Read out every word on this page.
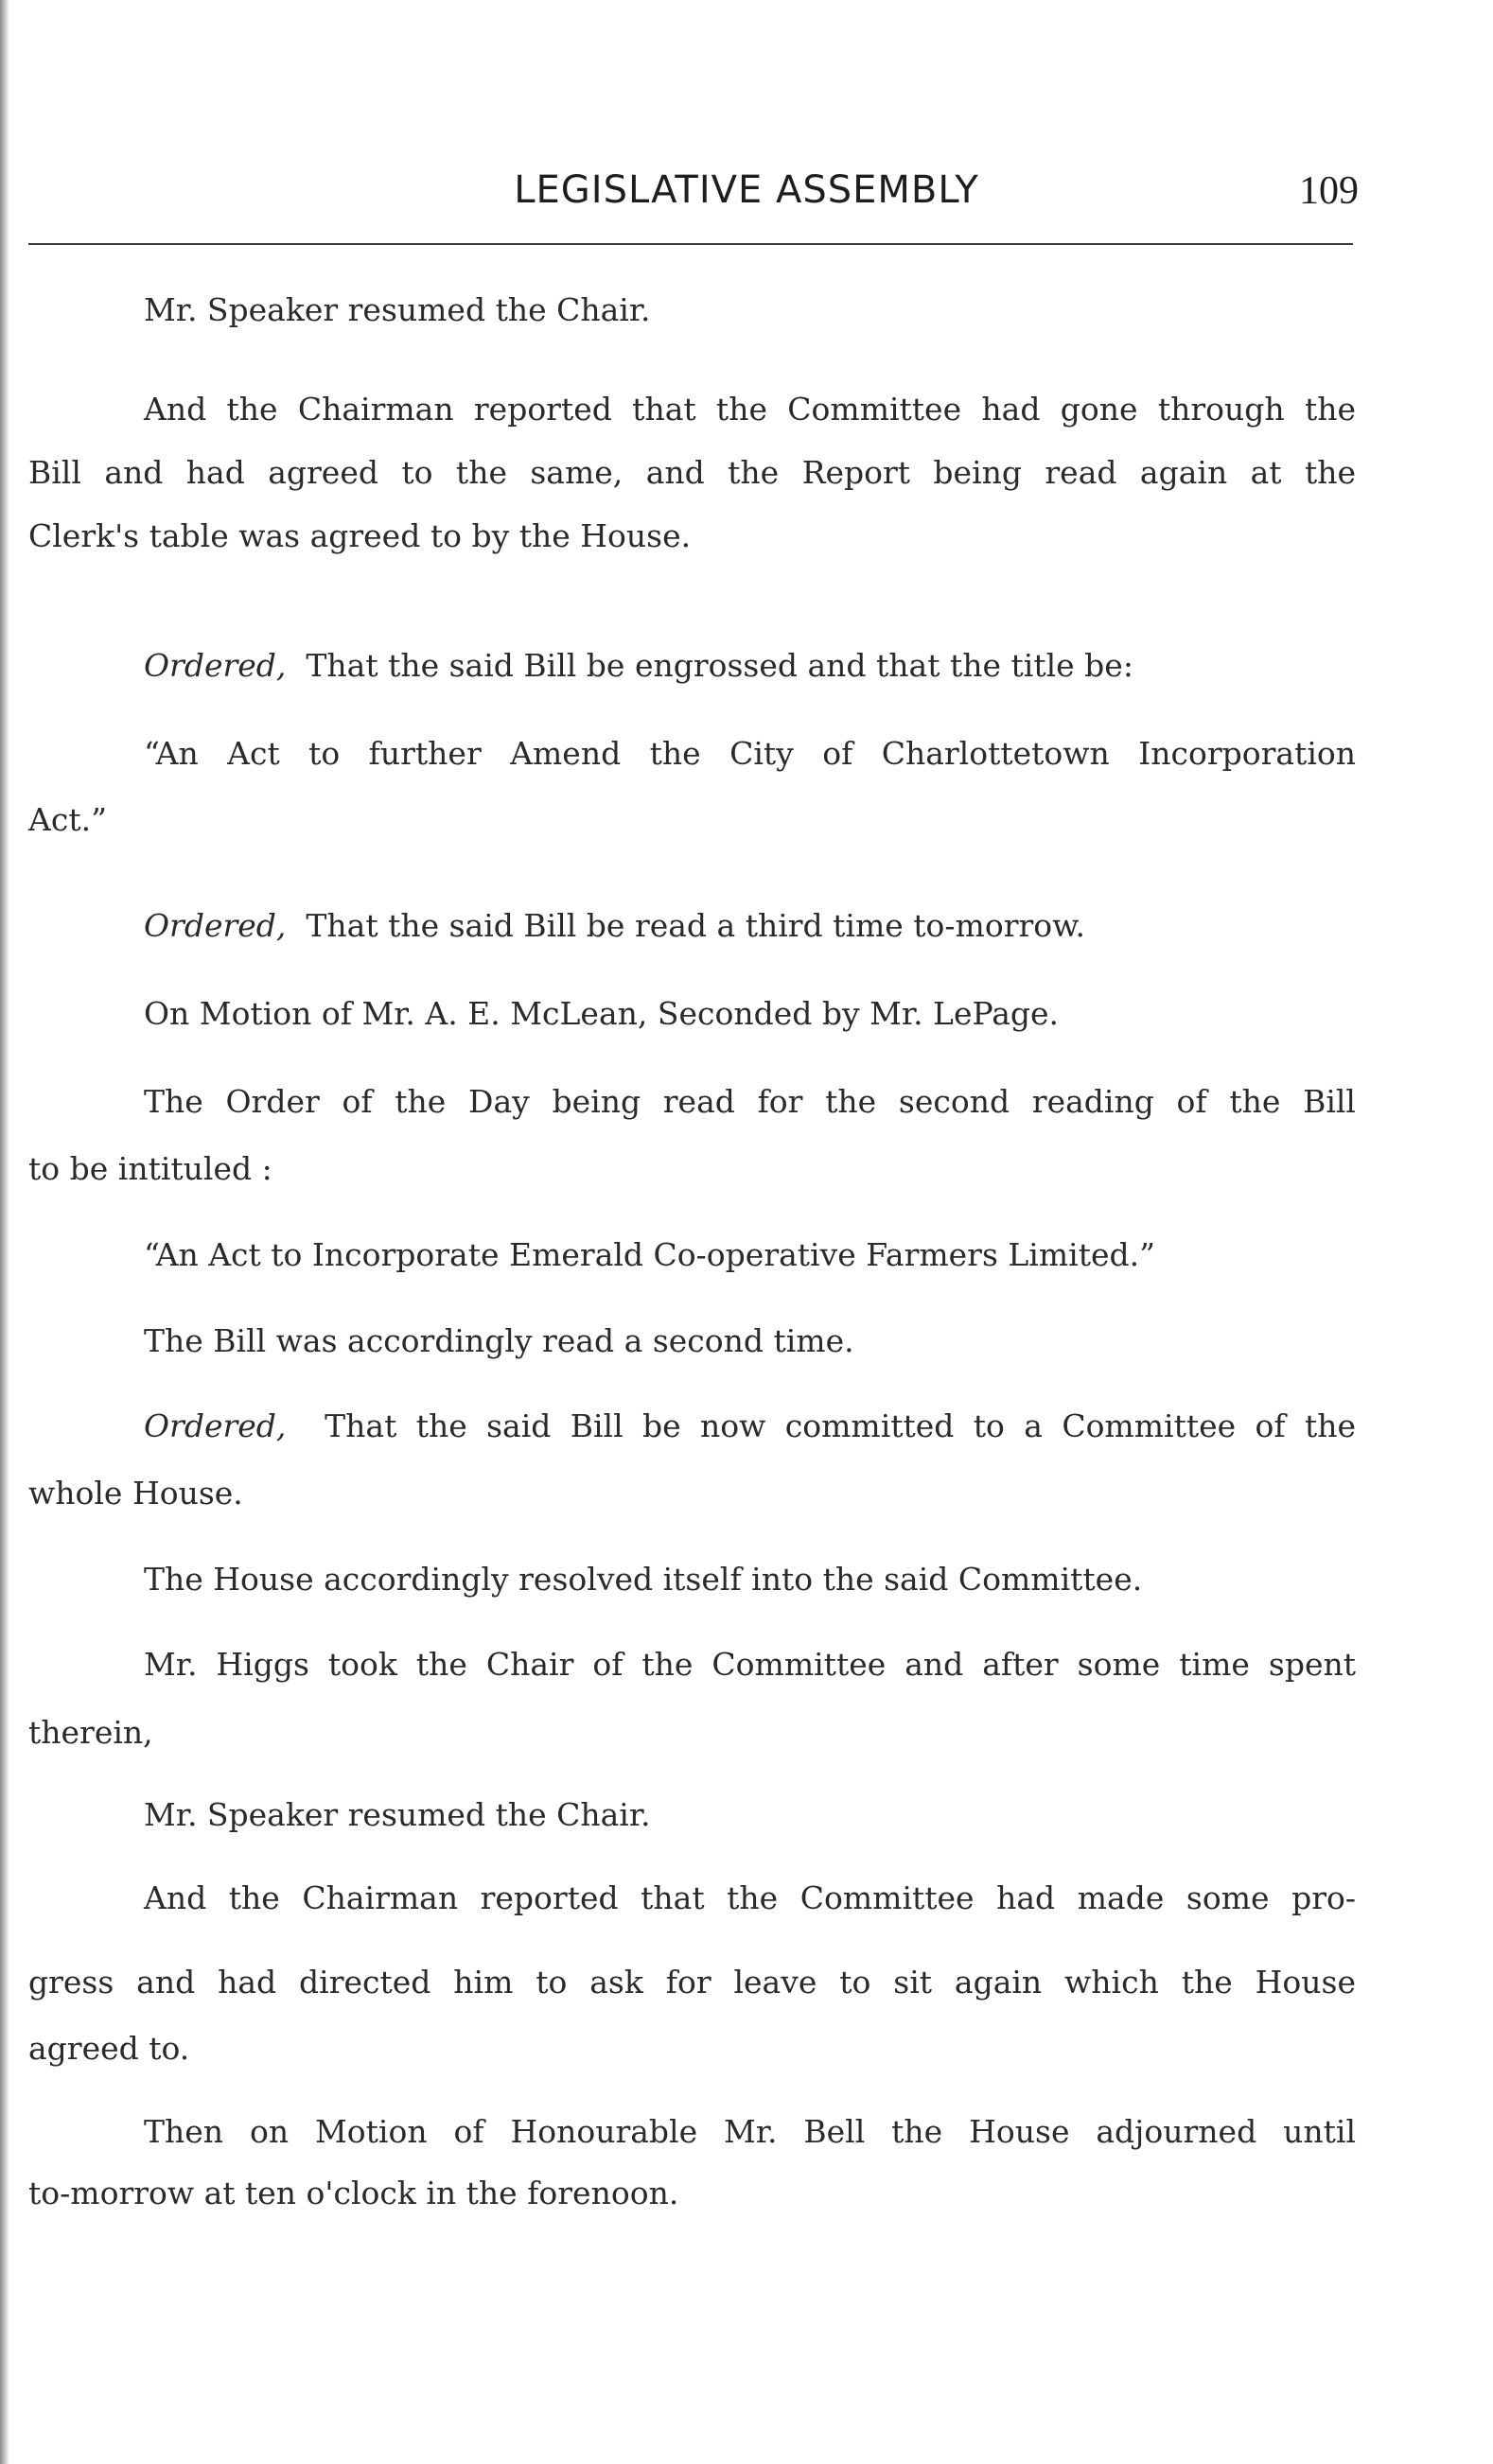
LEGISLATIVE ASSEMBLY	109

Mr. Speaker resumed the Chair.

And the Chairman reported that the Committee had gone through the

Bill and had agreed to the same, and the Report being read again at the

Clerk's table was agreed to by the House.

Ordered, That the said Bill be engrossed and that the title be:

“An Act to further Amend the City of Charlottetown Incorporation

Act.”

Ordered, That the said Bill be read a third time to-morrow.

On Motion of Mr. A. E. McLean, Seconded by Mr. LePage.

The Order of the Day being read for the second reading of the Bill

to be intituled :

“An Act to Incorporate Emerald Co-operative Farmers Limited.”

The Bill was accordingly read a second time.

Ordered, That the said Bill be now committed to a Committee of the

whole House.

The House accordingly resolved itself into the said Committee.

Mr. Higgs took the Chair of the Committee and after some time spent

therein,

Mr. Speaker resumed the Chair.

And the Chairman reported that the Committee had made some pro-

gress and had directed him to ask for leave to sit again which the House

agreed to.

Then on Motion of Honourable Mr. Bell the House adjourned until

to-morrow at ten o'clock in the forenoon.
